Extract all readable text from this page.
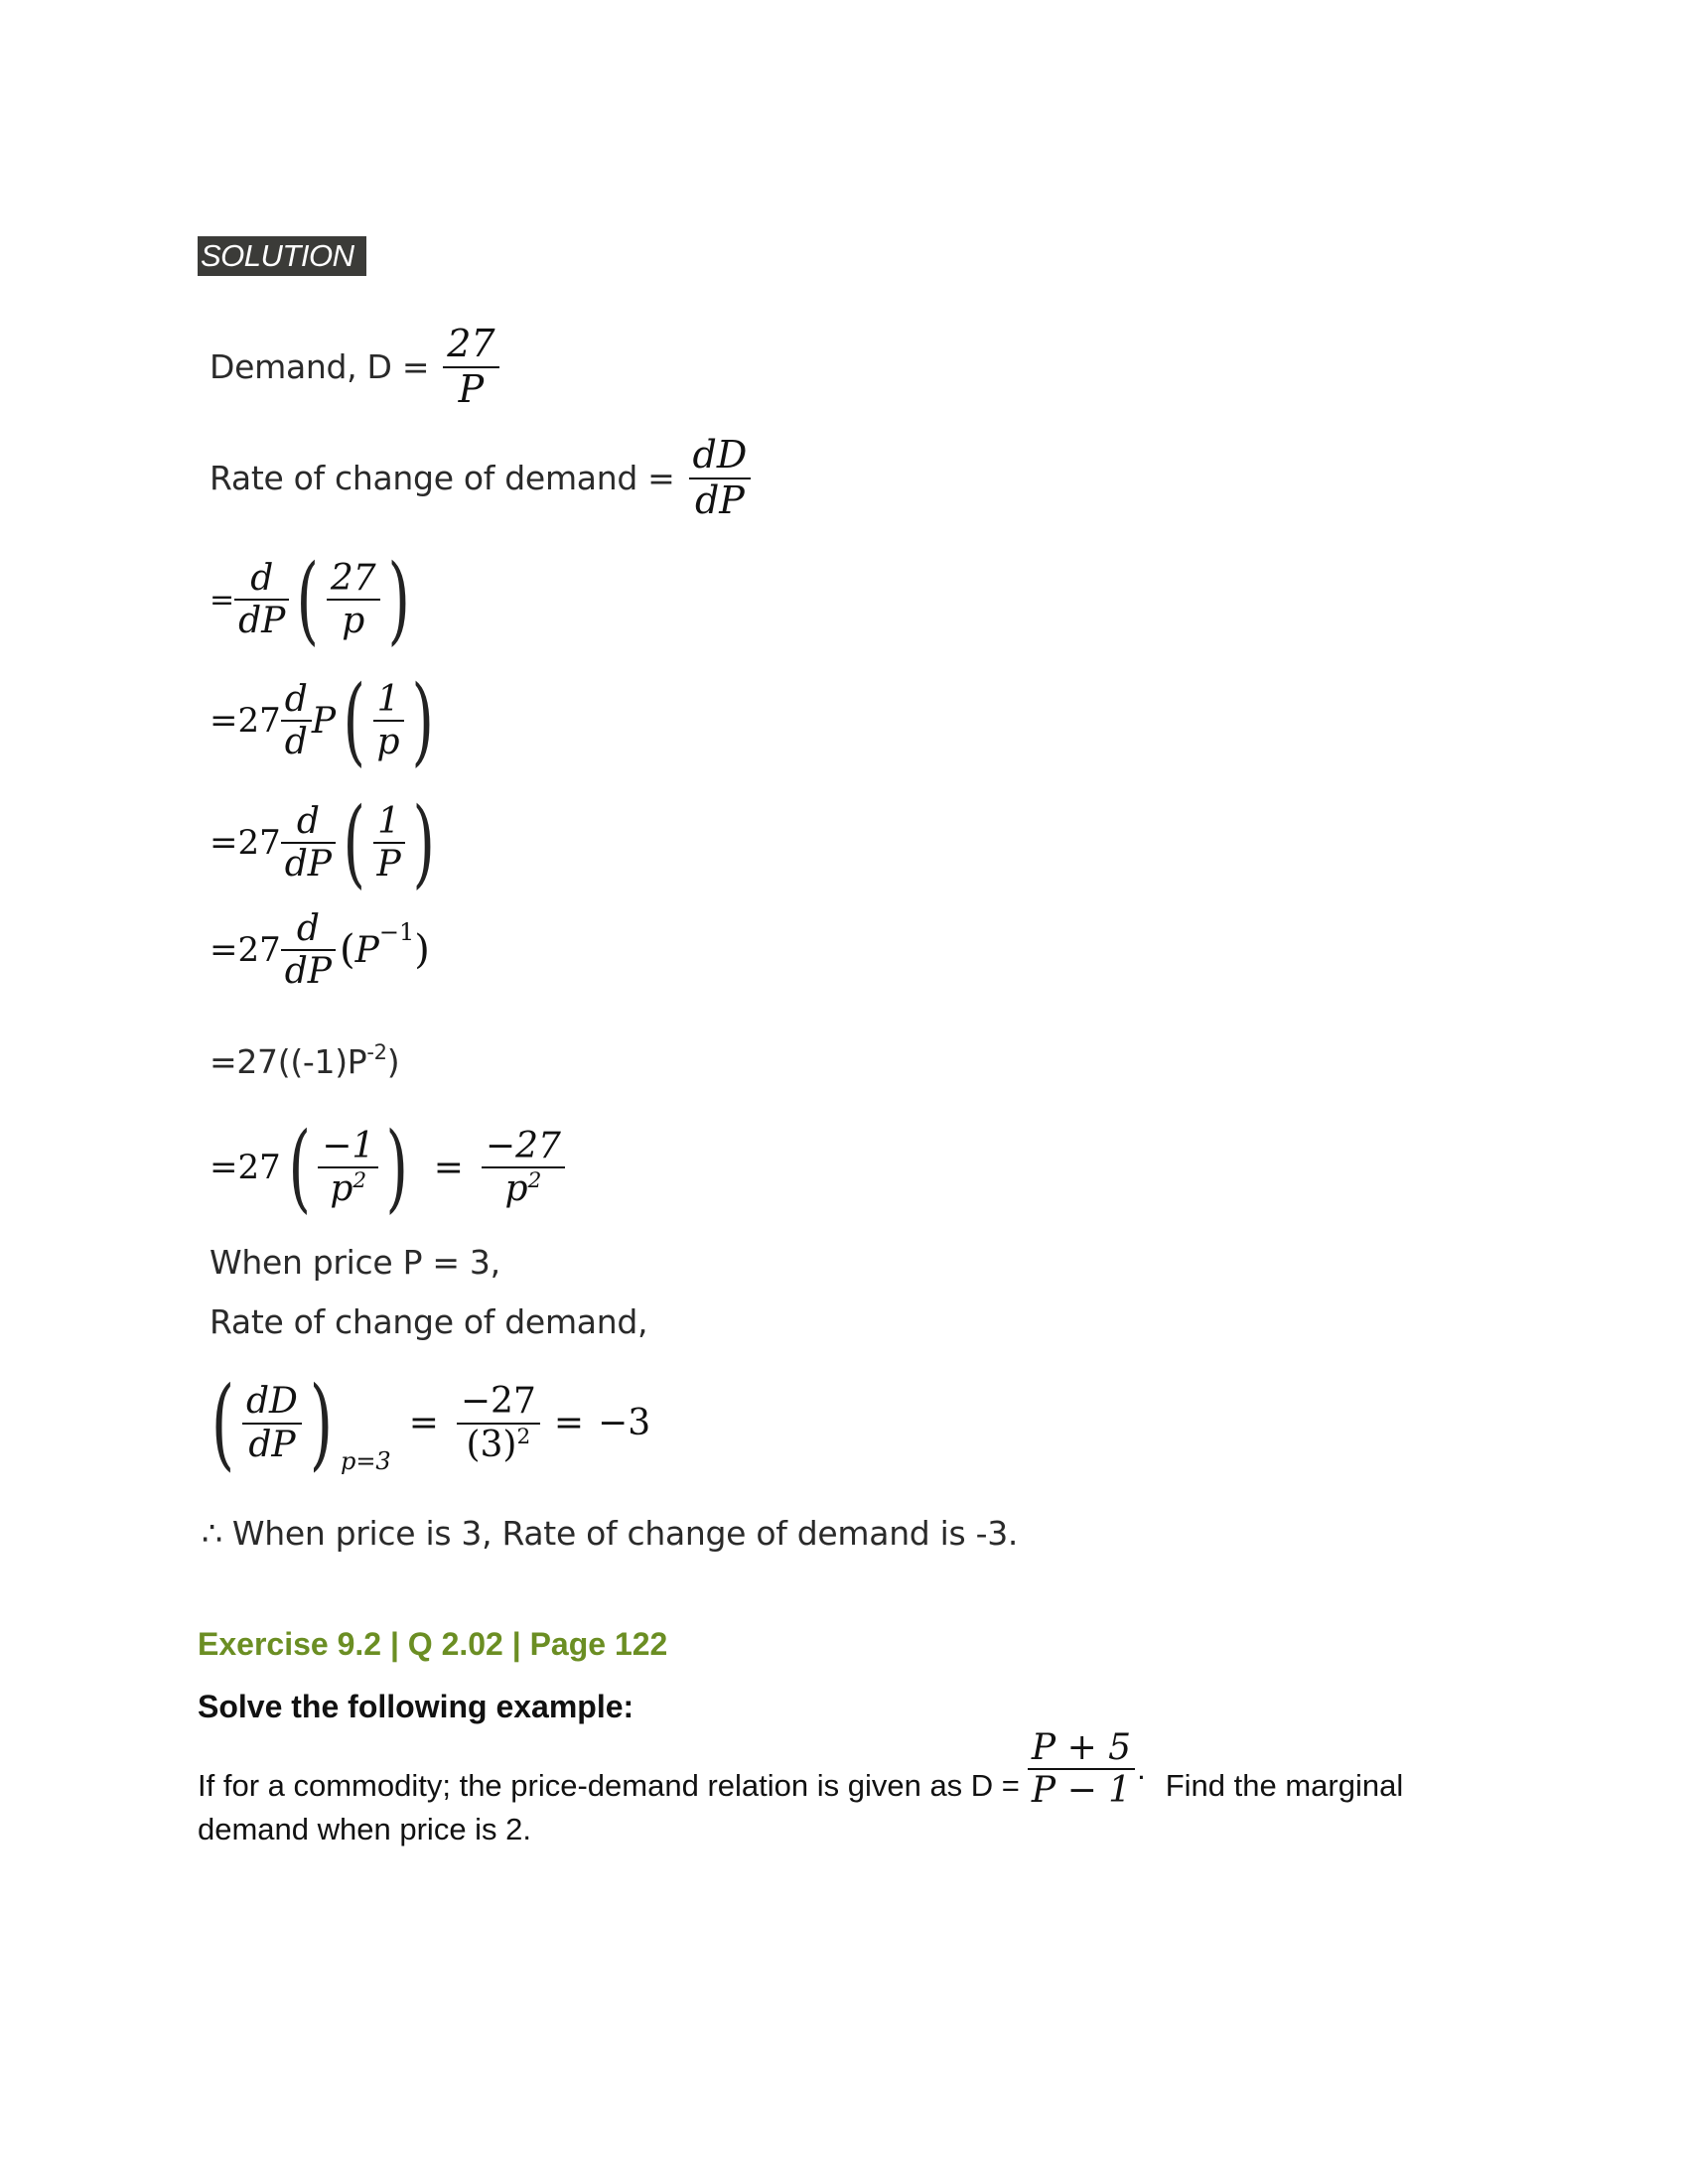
SOLUTION
Demand, $D = \frac{27}{P}$
Rate of change of demand = $\frac{dD}{dP}$
= $\frac{d}{dP}$ ( $\frac{27}{p}$ )
$=27 \frac{d}{d}$ P ( $\frac{1}{p}$ )
$=27 \frac{d}{dP}$ ( $\frac{1}{P}$ )
$=27 \frac{d}{dP}$ ( P −1 )
$=27((-1)P^{-2})$
=27 ( $\frac{-1}{p^2}$ ) = $\frac{-27}{p^2}$
When price P = 3,
Rate of change of demand,
( $\frac{dD}{dP}$ ) p=3
= $\frac{-27}{(3)^2} = -3$
∴ When price is 3, Rate of change of demand is -3.
Exercise 9.2 | Q 2.02 | Page 122
Solve the following example:
If for a commodity; the price-demand relation is given as $D = \frac{P + 5}{P - 1}$ . Find the marginal
demand when price is 2.
